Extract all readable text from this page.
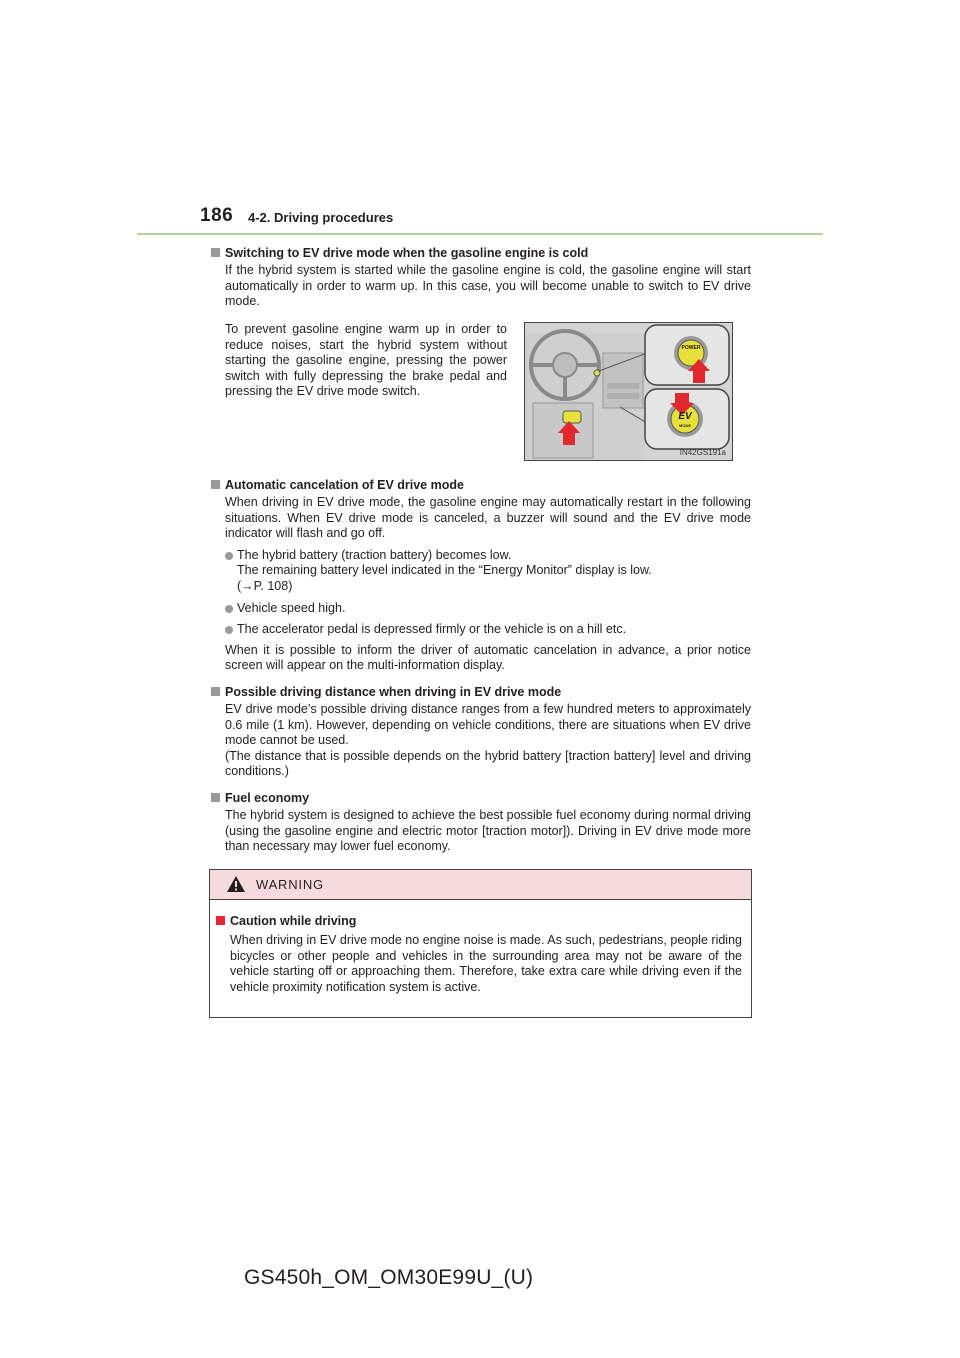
186 4-2. Driving procedures
Switching to EV drive mode when the gasoline engine is cold
If the hybrid system is started while the gasoline engine is cold, the gasoline engine will start automatically in order to warm up. In this case, you will become unable to switch to EV drive mode.
To prevent gasoline engine warm up in order to reduce noises, start the hybrid system without starting the gasoline engine, pressing the power switch with fully depressing the brake pedal and pressing the EV drive mode switch.
POWER
EV
MODE
IN42GS191a
Automatic cancelation of EV drive mode
When driving in EV drive mode, the gasoline engine may automatically restart in the following situations. When EV drive mode is canceled, a buzzer will sound and the EV drive mode indicator will flash and go off.
The hybrid battery (traction battery) becomes low.
The remaining battery level indicated in the “Energy Monitor” display is low.
(→P. 108)
Vehicle speed high.
The accelerator pedal is depressed firmly or the vehicle is on a hill etc.
When it is possible to inform the driver of automatic cancelation in advance, a prior notice screen will appear on the multi-information display.
Possible driving distance when driving in EV drive mode
EV drive mode’s possible driving distance ranges from a few hundred meters to approximately 0.6 mile (1 km). However, depending on vehicle conditions, there are situations when EV drive mode cannot be used.
(The distance that is possible depends on the hybrid battery [traction battery] level and driving conditions.)
Fuel economy
The hybrid system is designed to achieve the best possible fuel economy during normal driving (using the gasoline engine and electric motor [traction motor]). Driving in EV drive mode more than necessary may lower fuel economy.
WARNING
Caution while driving
When driving in EV drive mode no engine noise is made. As such, pedestrians, people riding bicycles or other people and vehicles in the surrounding area may not be aware of the vehicle starting off or approaching them. Therefore, take extra care while driving even if the vehicle proximity notification system is active.
GS450h_OM_OM30E99U_(U)
